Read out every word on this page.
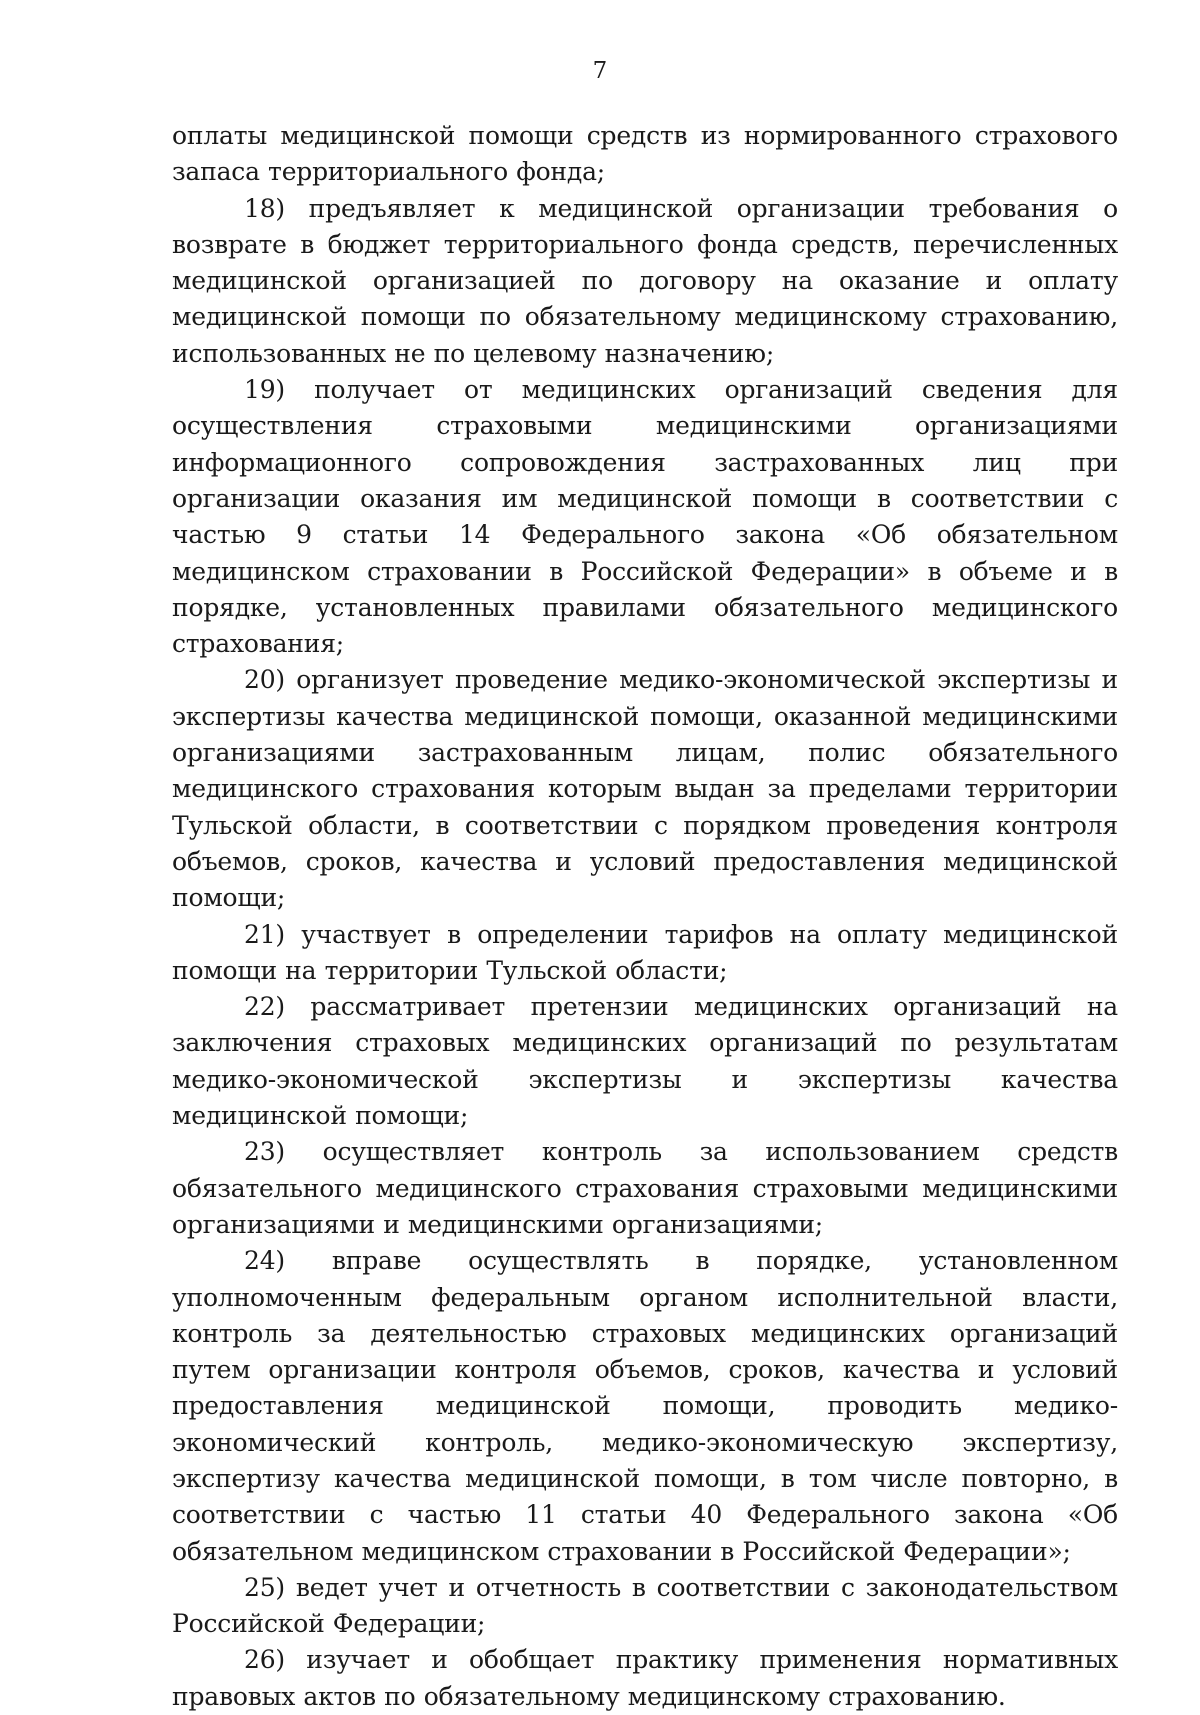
7

оплаты медицинской помощи средств из нормированного страхового запаса территориального фонда;

18) предъявляет к медицинской организации требования о возврате в бюджет территориального фонда средств, перечисленных медицинской организацией по договору на оказание и оплату медицинской помощи по обязательному медицинскому страхованию, использованных не по целевому назначению;

19) получает от медицинских организаций сведения для осуществления страховыми медицинскими организациями информационного сопровождения застрахованных лиц при организации оказания им медицинской помощи в соответствии с частью 9 статьи 14 Федерального закона «Об обязательном медицинском страховании в Российской Федерации» в объеме и в порядке, установленных правилами обязательного медицинского страхования;

20) организует проведение медико-экономической экспертизы и экспертизы качества медицинской помощи, оказанной медицинскими организациями застрахованным лицам, полис обязательного медицинского страхования которым выдан за пределами территории Тульской области, в соответствии с порядком проведения контроля объемов, сроков, качества и условий предоставления медицинской помощи;

21) участвует в определении тарифов на оплату медицинской помощи на территории Тульской области;

22) рассматривает претензии медицинских организаций на заключения страховых медицинских организаций по результатам медико-экономической экспертизы и экспертизы качества медицинской помощи;

23) осуществляет контроль за использованием средств обязательного медицинского страхования страховыми медицинскими организациями и медицинскими организациями;

24) вправе осуществлять в порядке, установленном уполномоченным федеральным органом исполнительной власти, контроль за деятельностью страховых медицинских организаций путем организации контроля объемов, сроков, качества и условий предоставления медицинской помощи, проводить медико-экономический контроль, медико-экономическую экспертизу, экспертизу качества медицинской помощи, в том числе повторно, в соответствии с частью 11 статьи 40 Федерального закона «Об обязательном медицинском страховании в Российской Федерации»;

25) ведет учет и отчетность в соответствии с законодательством Российской Федерации;

26) изучает и обобщает практику применения нормативных правовых актов по обязательному медицинскому страхованию.
